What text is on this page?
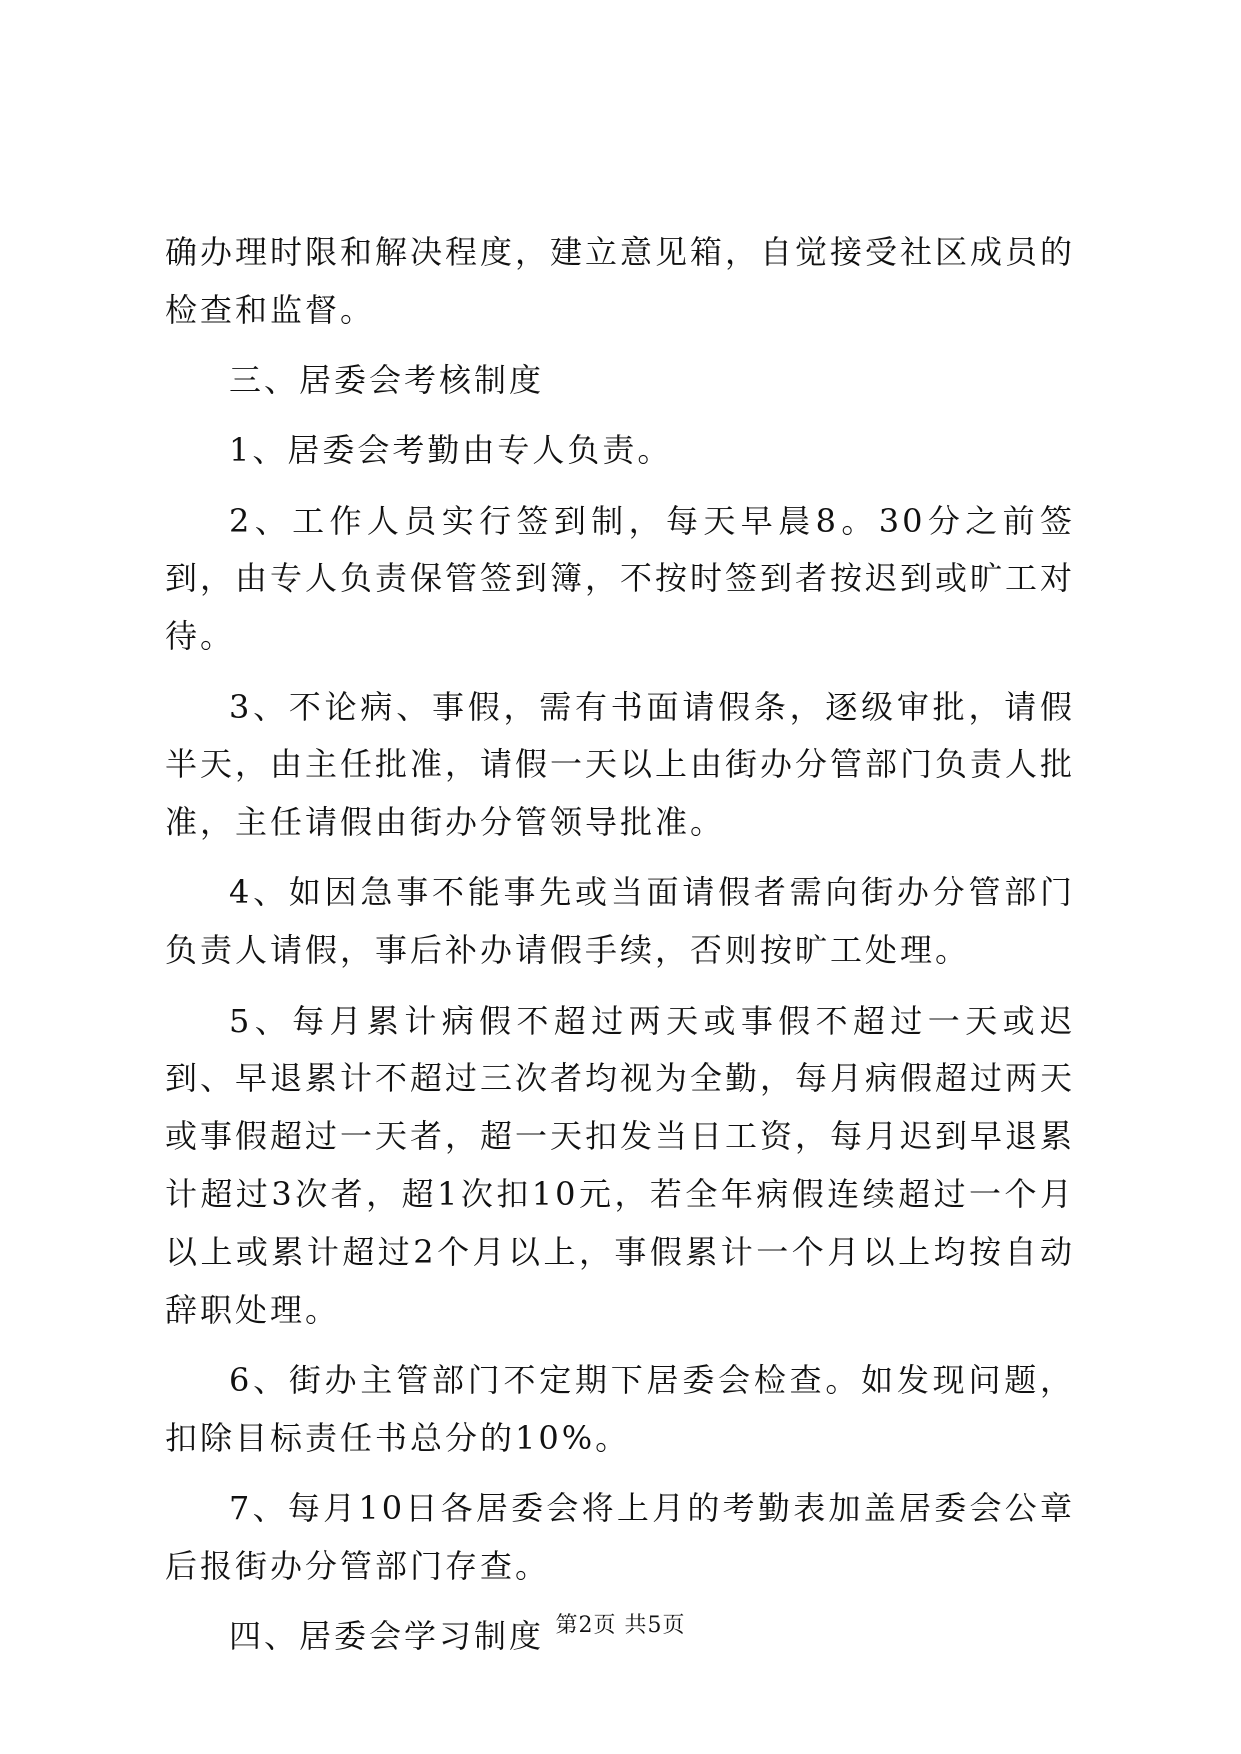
确办理时限和解决程度，建立意见箱，自觉接受社区成员的检查和监督。

三、居委会考核制度

1、居委会考勤由专人负责。

2、工作人员实行签到制，每天早晨8。30分之前签到，由专人负责保管签到簿，不按时签到者按迟到或旷工对待。

3、不论病、事假，需有书面请假条，逐级审批，请假半天，由主任批准，请假一天以上由街办分管部门负责人批准，主任请假由街办分管领导批准。

4、如因急事不能事先或当面请假者需向街办分管部门负责人请假，事后补办请假手续，否则按旷工处理。

5、每月累计病假不超过两天或事假不超过一天或迟到、早退累计不超过三次者均视为全勤，每月病假超过两天或事假超过一天者，超一天扣发当日工资，每月迟到早退累计超过3次者，超1次扣10元，若全年病假连续超过一个月以上或累计超过2个月以上，事假累计一个月以上均按自动辞职处理。

6、街办主管部门不定期下居委会检查。如发现问题，扣除目标责任书总分的10%。

7、每月10日各居委会将上月的考勤表加盖居委会公章后报街办分管部门存查。

四、居委会学习制度 第2页 共5页
